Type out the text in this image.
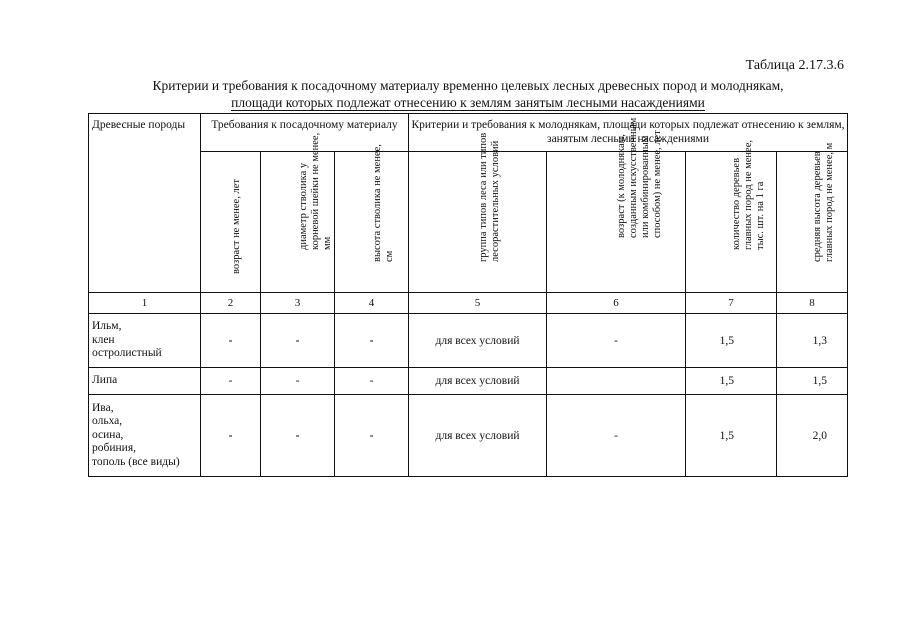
Таблица 2.17.3.6
Критерии и требования к посадочному материалу временно целевых лесных древесных пород и молоднякам,
площади которых подлежат отнесению к землям занятым лесными насаждениями
Древесные породы	Требования к посадочному материалу			Критерии и требования к молоднякам, площади которых подлежат отнесению к землям, занятым лесными насаждениями			

	возраст не менее, лет	диаметр стволика у корневой шейки не менее, мм	высота стволика не менее, см	группа типов леса или типов лесорастительных условий	возраст (к молоднякам, созданным искусственным или комбинированным способом) не менее, лет	количество деревьев главных пород не менее, тыс. шт. на 1 га	средняя высота деревьев главных пород не менее, м

1	2	3	4	5	6	7	8

Ильм,
клен
остролистный	-	-	-	для всех условий	-	1,5	1,3

Липа	-	-	-	для всех условий		1,5	1,5

Ива,
ольха,
осина,
робиния,
тополь (все виды)	-	-	-	для всех условий	-	1,5	2,0
